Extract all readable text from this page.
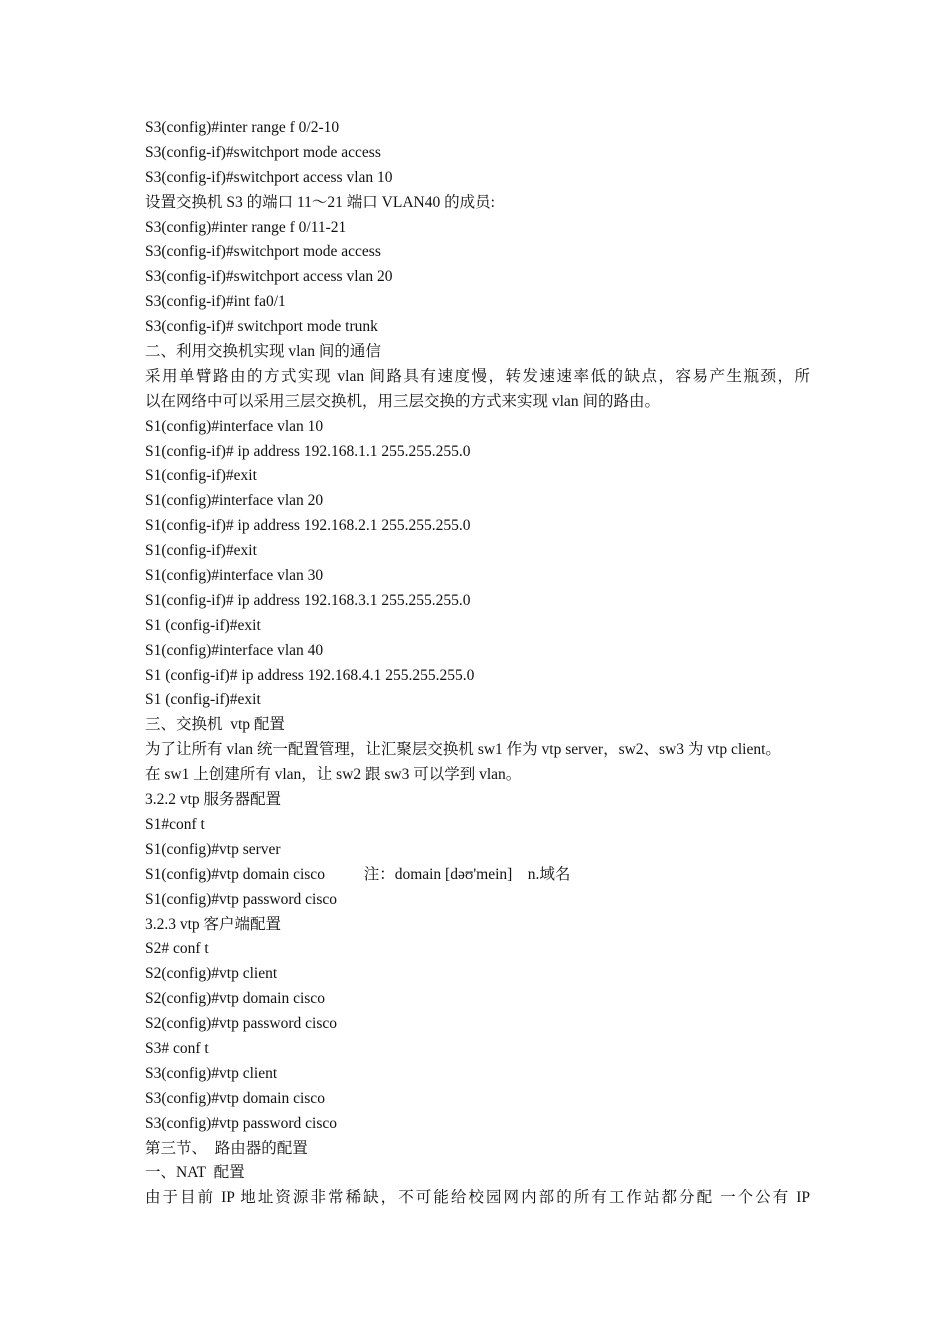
S3(config)#inter range f 0/2-10
S3(config-if)#switchport mode access
S3(config-if)#switchport access vlan 10
设置交换机 S3 的端口 11～21 端口 VLAN40 的成员:
S3(config)#inter range f 0/11-21
S3(config-if)#switchport mode access
S3(config-if)#switchport access vlan 20
S3(config-if)#int fa0/1
S3(config-if)# switchport mode trunk
二、利用交换机实现 vlan 间的通信
采用单臂路由的方式实现 vlan 间路具有速度慢，转发速速率低的缺点，容易产生瓶颈，所
以在网络中可以采用三层交换机，用三层交换的方式来实现 vlan 间的路由。
S1(config)#interface vlan 10
S1(config-if)# ip address 192.168.1.1 255.255.255.0
S1(config-if)#exit
S1(config)#interface vlan 20
S1(config-if)# ip address 192.168.2.1 255.255.255.0
S1(config-if)#exit
S1(config)#interface vlan 30
S1(config-if)# ip address 192.168.3.1 255.255.255.0
S1 (config-if)#exit
S1(config)#interface vlan 40
S1 (config-if)# ip address 192.168.4.1 255.255.255.0
S1 (config-if)#exit
三、交换机  vtp 配置
为了让所有 vlan 统一配置管理，让汇聚层交换机 sw1 作为 vtp server，sw2、sw3 为 vtp client。
在 sw1 上创建所有 vlan，让 sw2 跟 sw3 可以学到 vlan。
3.2.2 vtp 服务器配置
S1#conf t
S1(config)#vtp server
S1(config)#vtp domain cisco          注：domain [dəʊ'mein]    n.域名
S1(config)#vtp password cisco
3.2.3 vtp 客户端配置
S2# conf t
S2(config)#vtp client
S2(config)#vtp domain cisco
S2(config)#vtp password cisco
S3# conf t
S3(config)#vtp client
S3(config)#vtp domain cisco
S3(config)#vtp password cisco
第三节、  路由器的配置
一、NAT  配置
由于目前 IP 地址资源非常稀缺，不可能给校园网内部的所有工作站都分配 一个公有 IP
